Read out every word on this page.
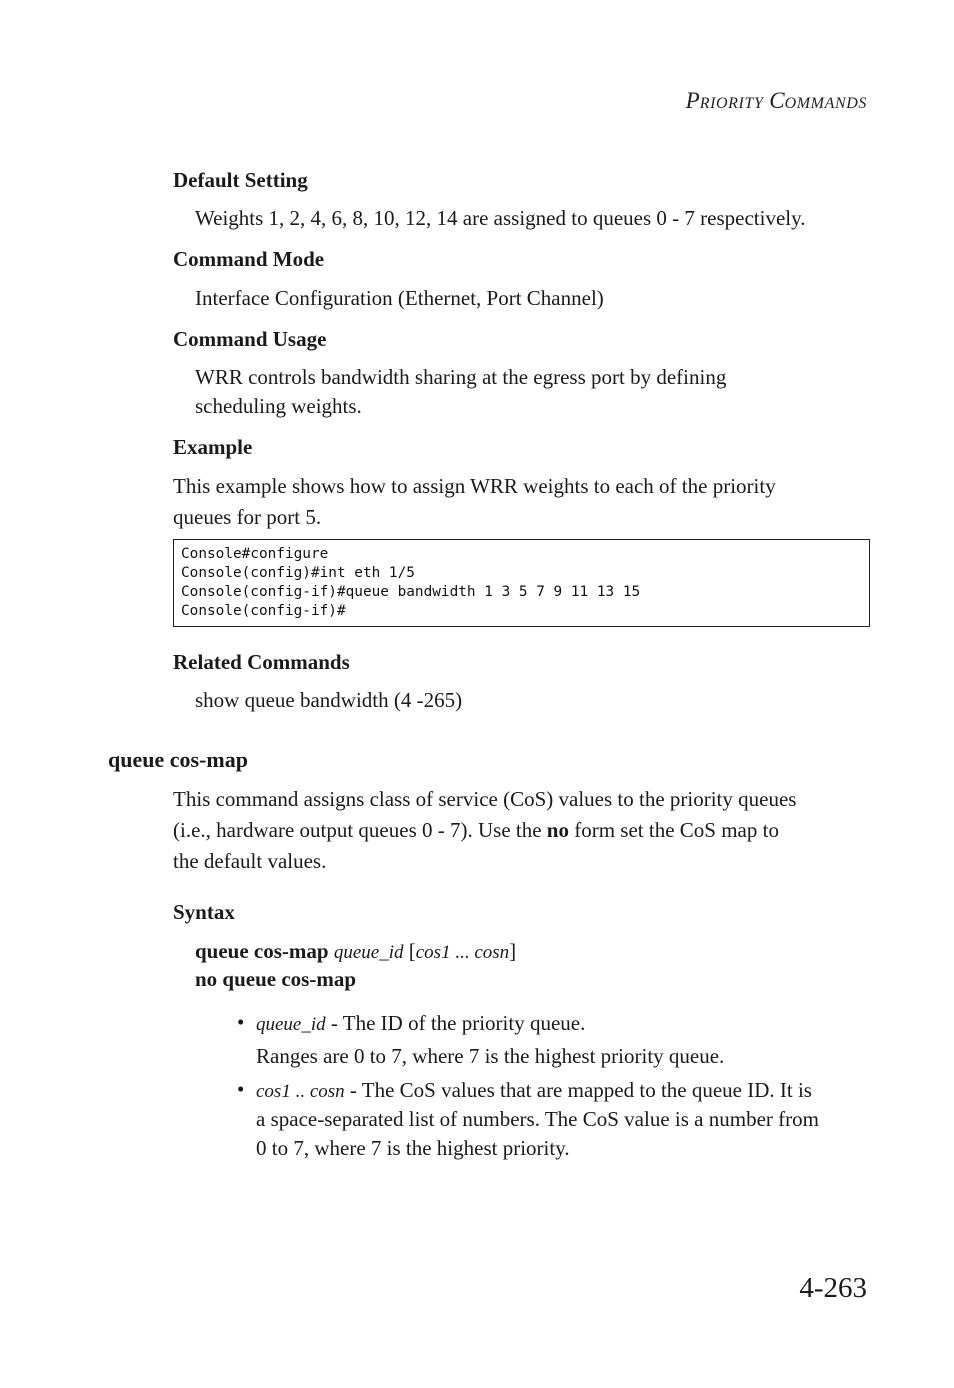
PRIORITY COMMANDS
Default Setting
Weights 1, 2, 4, 6, 8, 10, 12, 14 are assigned to queues 0 - 7 respectively.
Command Mode
Interface Configuration (Ethernet, Port Channel)
Command Usage
WRR controls bandwidth sharing at the egress port by defining
scheduling weights.
Example
This example shows how to assign WRR weights to each of the priority
queues for port 5.
Console#configure
Console(config)#int eth 1/5
Console(config-if)#queue bandwidth 1 3 5 7 9 11 13 15
Console(config-if)#
Related Commands
show queue bandwidth (4 -265)
queue cos-map
This command assigns class of service (CoS) values to the priority queues
(i.e., hardware output queues 0 - 7). Use the no form set the CoS map to
the default values.
Syntax
queue cos-map queue_id [cos1 ... cosn]
no queue cos-map
• queue_id - The ID of the priority queue.
Ranges are 0 to 7, where 7 is the highest priority queue.
• cos1 .. cosn - The CoS values that are mapped to the queue ID. It is
a space-separated list of numbers. The CoS value is a number from
0 to 7, where 7 is the highest priority.
4-263
